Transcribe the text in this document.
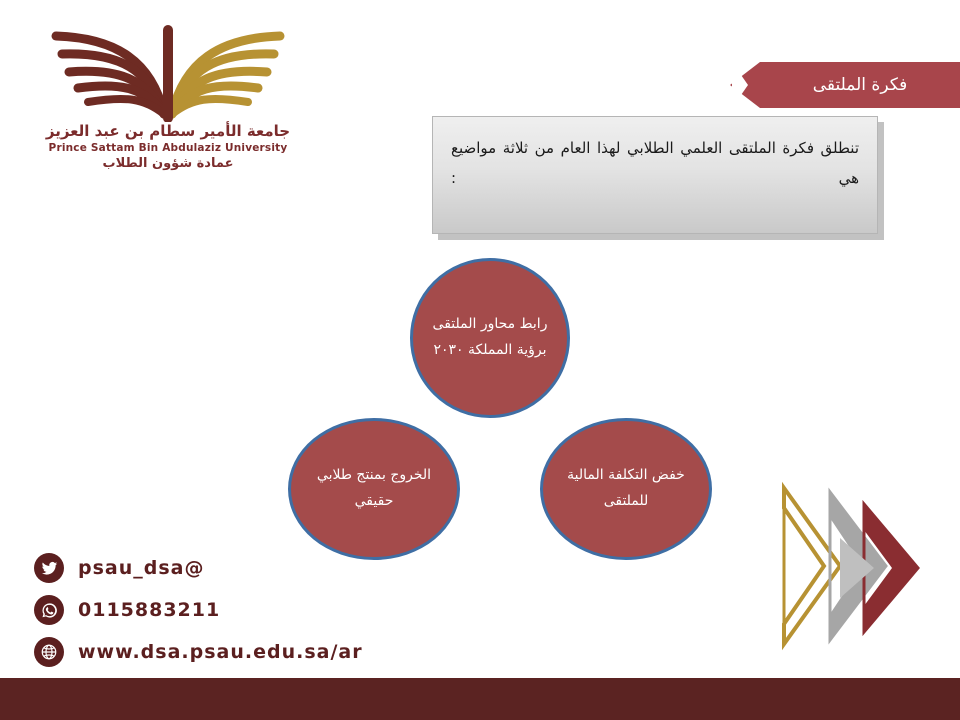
جامعة الأمير سطام بن عبد العزيز
Prince Sattam Bin Abdulaziz University
عمادة شؤون الطلاب
فكرة الملتقى
تنطلق فكرة الملتقى العلمي الطلابي لهذا العام من ثلاثة مواضيع هي :
رابط محاور الملتقى برؤية المملكة ٢٠٣٠
خفض التكلفة المالية للملتقى
الخروج بمنتج طلابي حقيقي
psau_dsa@
0115883211
www.dsa.psau.edu.sa/ar
